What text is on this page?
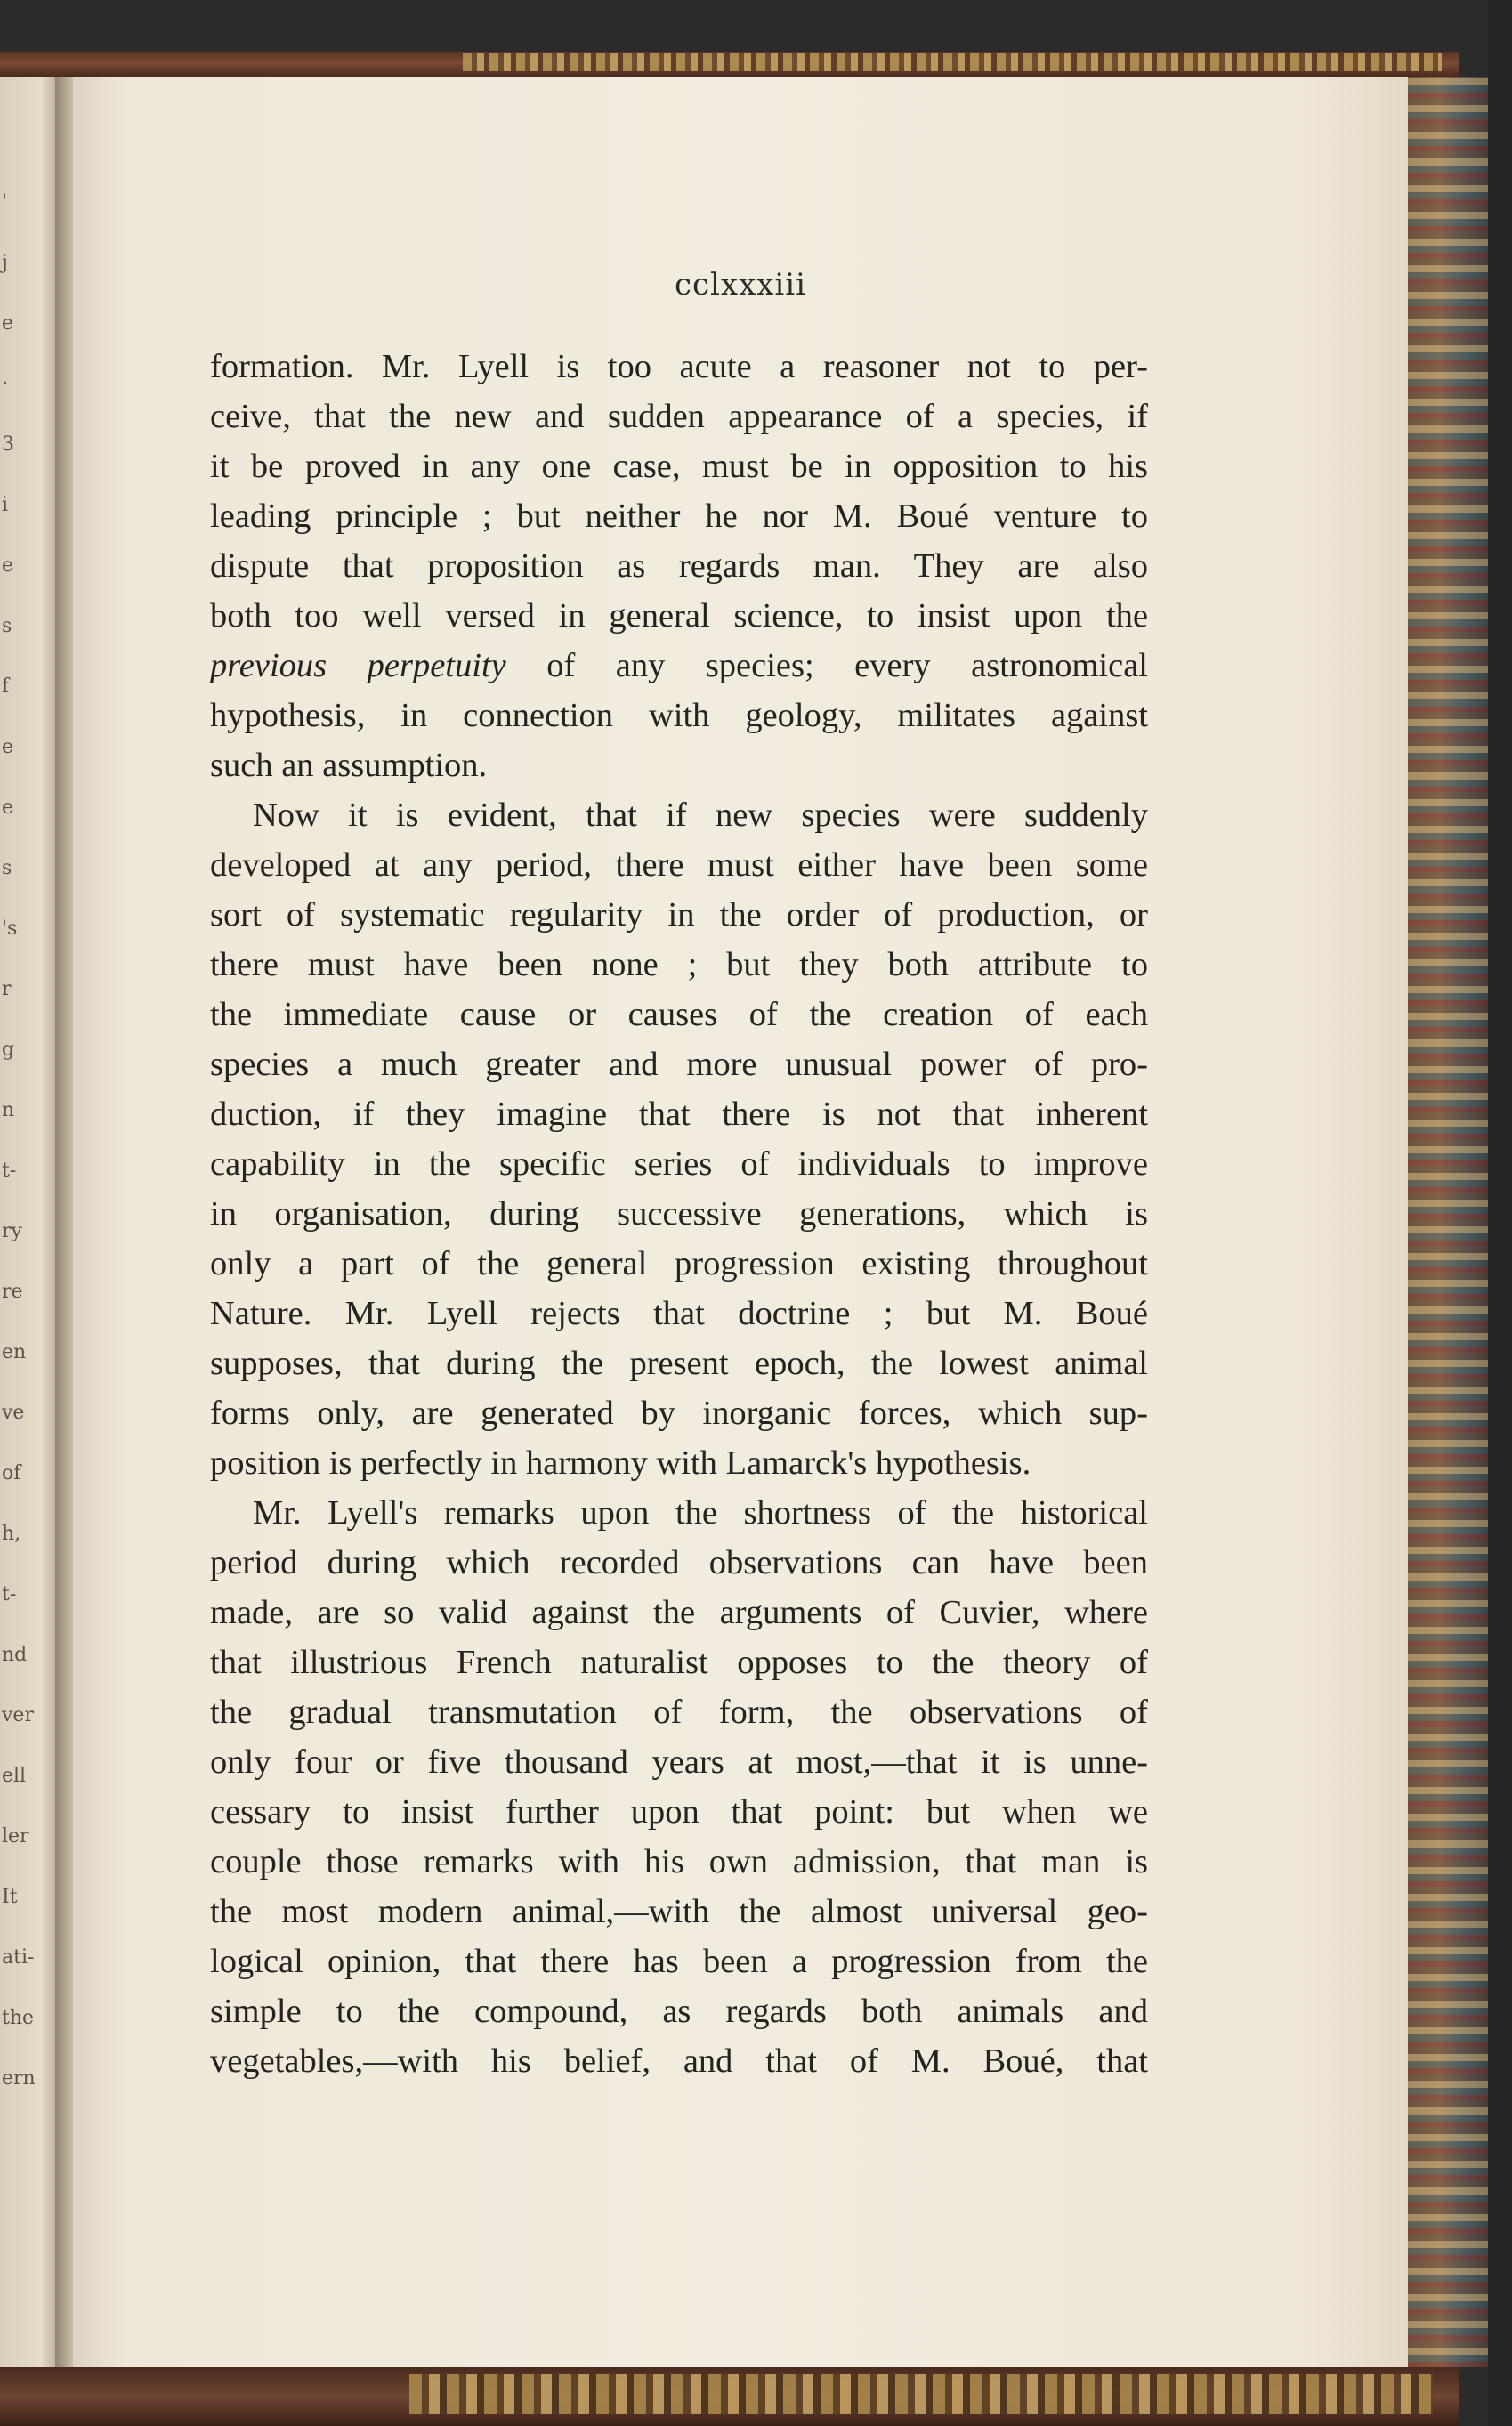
'
j
e
·
3
i
e
s
f
e
e
s
's
r
g
n
t-
ry
re
en
ve
of
h,
t-
nd
ver
ell
ler
It
ati-
the
ern
cclxxxiii
formation. Mr. Lyell is too acute a reasoner not to per-
ceive, that the new and sudden appearance of a species, if
it be proved in any one case, must be in opposition to his
leading principle ; but neither he nor M. Boué venture to
dispute that proposition as regards man. They are also
both too well versed in general science, to insist upon the
previous perpetuity of any species; every astronomical
hypothesis, in connection with geology, militates against
such an assumption.
Now it is evident, that if new species were suddenly
developed at any period, there must either have been some
sort of systematic regularity in the order of production, or
there must have been none ; but they both attribute to
the immediate cause or causes of the creation of each
species a much greater and more unusual power of pro-
duction, if they imagine that there is not that inherent
capability in the specific series of individuals to improve
in organisation, during successive generations, which is
only a part of the general progression existing throughout
Nature. Mr. Lyell rejects that doctrine ; but M. Boué
supposes, that during the present epoch, the lowest animal
forms only, are generated by inorganic forces, which sup-
position is perfectly in harmony with Lamarck's hypothesis.
Mr. Lyell's remarks upon the shortness of the historical
period during which recorded observations can have been
made, are so valid against the arguments of Cuvier, where
that illustrious French naturalist opposes to the theory of
the gradual transmutation of form, the observations of
only four or five thousand years at most,—that it is unne-
cessary to insist further upon that point: but when we
couple those remarks with his own admission, that man is
the most modern animal,—with the almost universal geo-
logical opinion, that there has been a progression from the
simple to the compound, as regards both animals and
vegetables,—with his belief, and that of M. Boué, that
